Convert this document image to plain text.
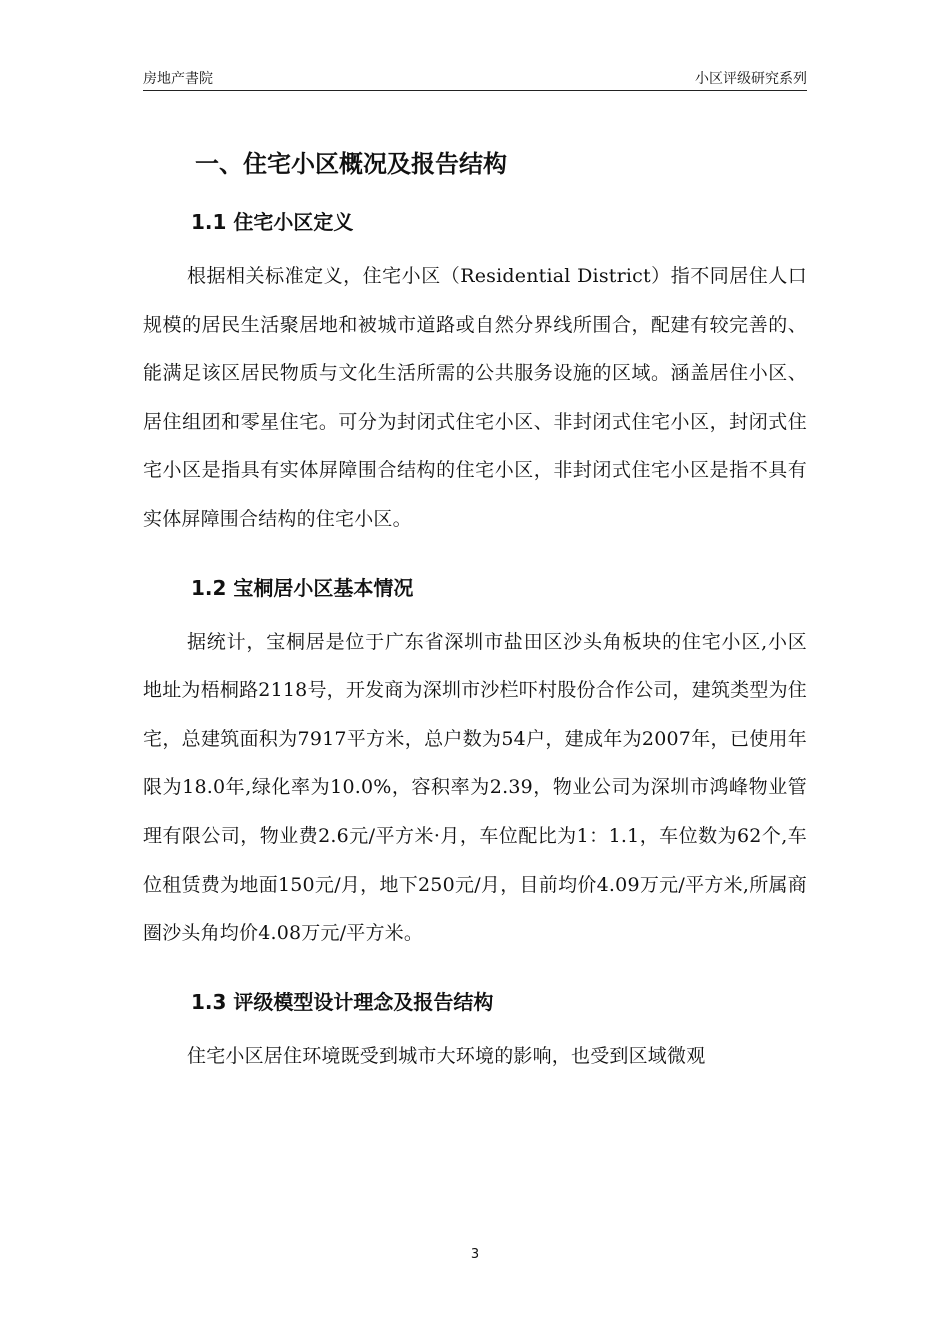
房地产書院	小区评级研究系列
一、住宅小区概况及报告结构
1.1 住宅小区定义

根据相关标准定义，住宅小区（Residential District）指不同居住人口规模的居民生活聚居地和被城市道路或自然分界线所围合，配建有较完善的、能满足该区居民物质与文化生活所需的公共服务设施的区域。涵盖居住小区、居住组团和零星住宅。可分为封闭式住宅小区、非封闭式住宅小区，封闭式住宅小区是指具有实体屏障围合结构的住宅小区，非封闭式住宅小区是指不具有实体屏障围合结构的住宅小区。

1.2 宝桐居小区基本情况

据统计，宝桐居是位于广东省深圳市盐田区沙头角板块的住宅小区,小区地址为梧桐路2118号，开发商为深圳市沙栏吓村股份合作公司，建筑类型为住宅，总建筑面积为7917平方米，总户数为54户，建成年为2007年，已使用年限为18.0年,绿化率为10.0%，容积率为2.39，物业公司为深圳市鸿峰物业管理有限公司，物业费2.6元/平方米·月，车位配比为1：1.1，车位数为62个,车位租赁费为地面150元/月，地下250元/月，目前均价4.09万元/平方米,所属商圈沙头角均价4.08万元/平方米。

1.3 评级模型设计理念及报告结构

住宅小区居住环境既受到城市大环境的影响，也受到区域微观

3
